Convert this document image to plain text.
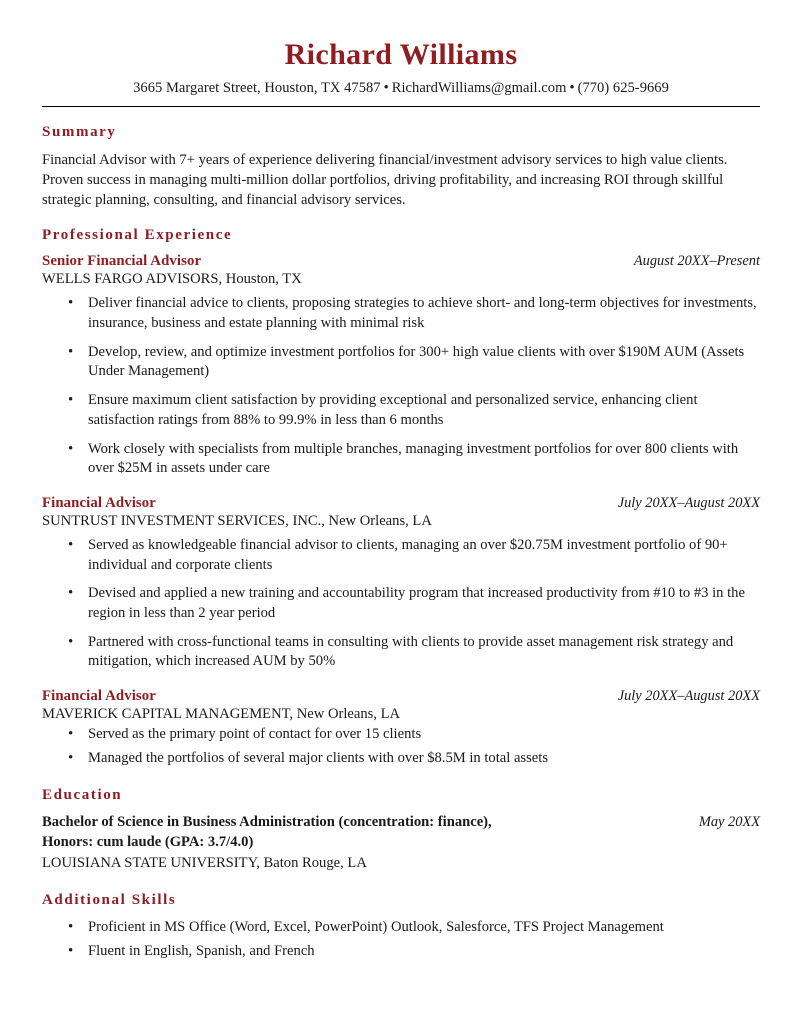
Richard Williams
3665 Margaret Street, Houston, TX 47587 • RichardWilliams@gmail.com • (770) 625-9669
Summary

Financial Advisor with 7+ years of experience delivering financial/investment advisory services to high value clients. Proven success in managing multi-million dollar portfolios, driving profitability, and increasing ROI through skillful strategic planning, consulting, and financial advisory services.

Professional Experience
Senior Financial Advisor	August 20XX–Present
WELLS FARGO ADVISORS, Houston, TX
• Deliver financial advice to clients, proposing strategies to achieve short- and long-term objectives for investments, insurance, business and estate planning with minimal risk
• Develop, review, and optimize investment portfolios for 300+ high value clients with over $190M AUM (Assets Under Management)
• Ensure maximum client satisfaction by providing exceptional and personalized service, enhancing client satisfaction ratings from 88% to 99.9% in less than 6 months
• Work closely with specialists from multiple branches, managing investment portfolios for over 800 clients with over $25M in assets under care
Financial Advisor	July 20XX–August 20XX
SUNTRUST INVESTMENT SERVICES, INC., New Orleans, LA
• Served as knowledgeable financial advisor to clients, managing an over $20.75M investment portfolio of 90+ individual and corporate clients
• Devised and applied a new training and accountability program that increased productivity from #10 to #3 in the region in less than 2 year period
• Partnered with cross-functional teams in consulting with clients to provide asset management risk strategy and mitigation, which increased AUM by 50%
Financial Advisor	July 20XX–August 20XX
MAVERICK CAPITAL MANAGEMENT, New Orleans, LA
• Served as the primary point of contact for over 15 clients
• Managed the portfolios of several major clients with over $8.5M in total assets
Education
Bachelor of Science in Business Administration (concentration: finance),	May 20XX
Honors: cum laude (GPA: 3.7/4.0)
LOUISIANA STATE UNIVERSITY, Baton Rouge, LA
Additional Skills
• Proficient in MS Office (Word, Excel, PowerPoint) Outlook, Salesforce, TFS Project Management
• Fluent in English, Spanish, and French
